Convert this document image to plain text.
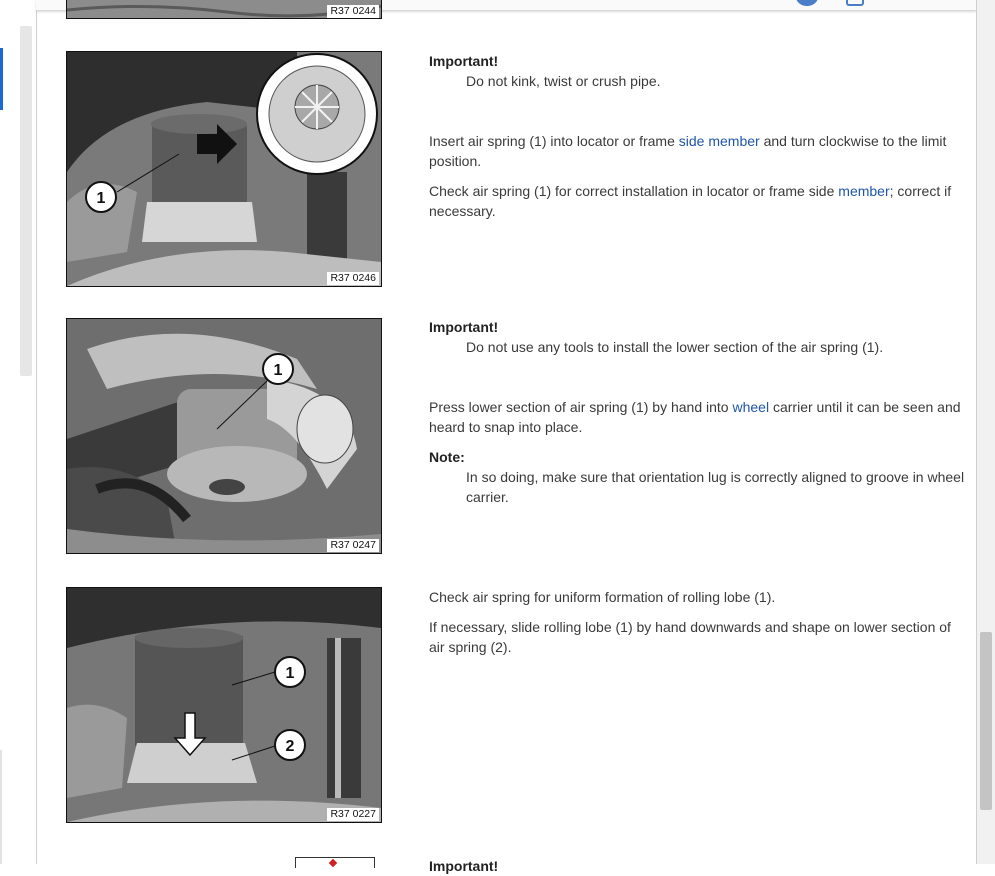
R37 0244
1
R37 0246
1
R37 0247
1
2
R37 0227

Important!

Do not kink, twist or crush pipe.

Insert air spring (1) into locator or frame side member and turn clockwise to the limit position.

Check air spring (1) for correct installation in locator or frame side member; correct if necessary.

Important!

Do not use any tools to install the lower section of the air spring (1).

Press lower section of air spring (1) by hand into wheel carrier until it can be seen and heard to snap into place.

Note:

In so doing, make sure that orientation lug is correctly aligned to groove in wheel carrier.

Check air spring for uniform formation of rolling lobe (1).

If necessary, slide rolling lobe (1) by hand downwards and shape on lower section of air spring (2).

Important!
